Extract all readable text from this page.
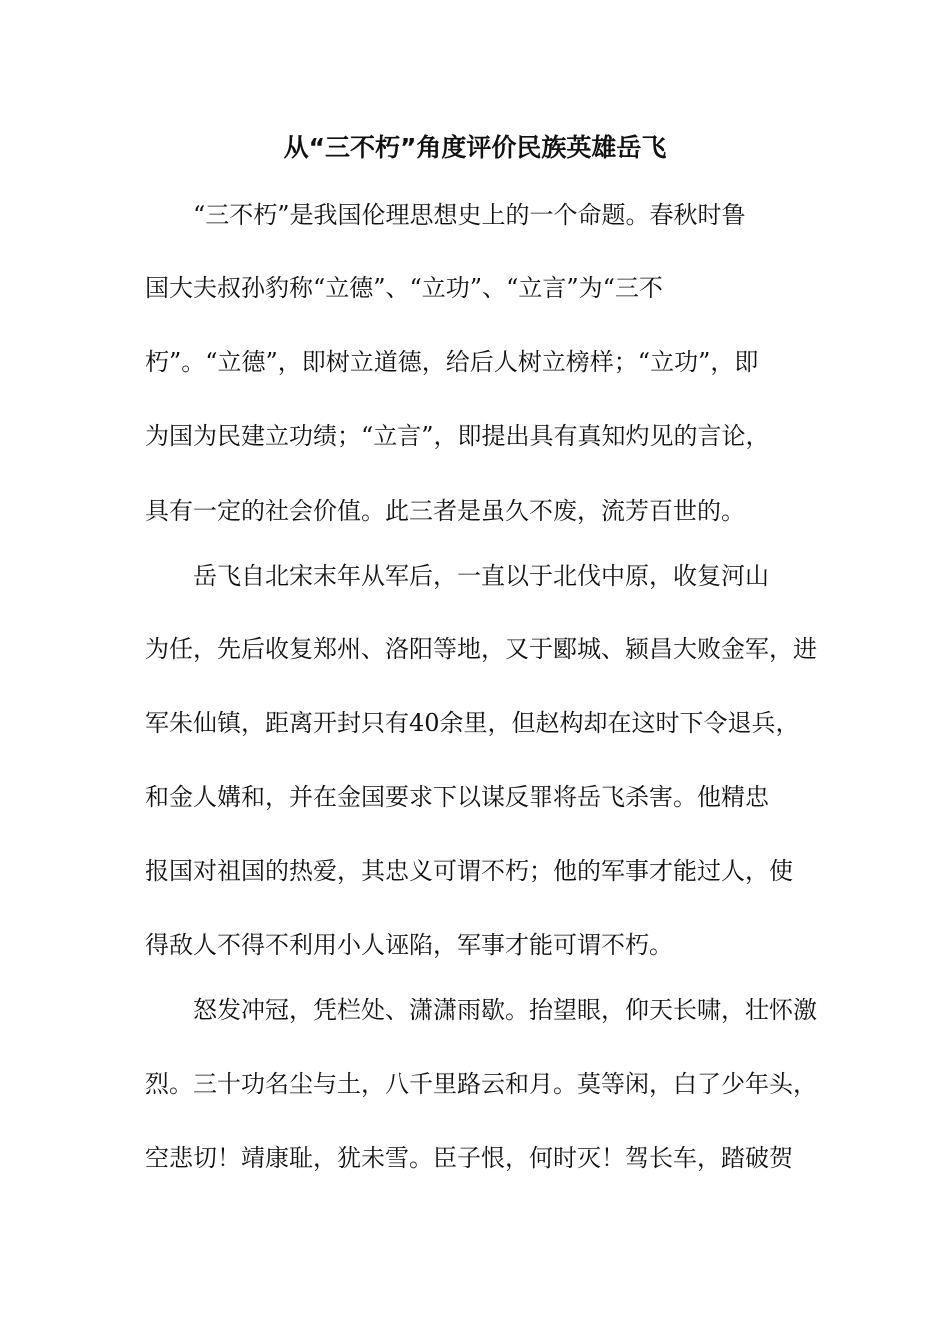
从“三不朽”角度评价民族英雄岳飞
　　“三不朽”是我国伦理思想史上的一个命题。春秋时鲁
国大夫叔孙豹称“立德”、“立功”、“立言”为“三不
朽”。“立德”，即树立道德，给后人树立榜样；“立功”，即
为国为民建立功绩；“立言”，即提出具有真知灼见的言论，
具有一定的社会价值。此三者是虽久不废，流芳百世的。
　　岳飞自北宋末年从军后，一直以于北伐中原，收复河山
为任，先后收复郑州、洛阳等地，又于郾城、颍昌大败金军，进
军朱仙镇，距离开封只有40余里，但赵构却在这时下令退兵，
和金人媾和，并在金国要求下以谋反罪将岳飞杀害。他精忠
报国对祖国的热爱，其忠义可谓不朽；他的军事才能过人，使
得敌人不得不利用小人诬陷，军事才能可谓不朽。
　　怒发冲冠，凭栏处、潇潇雨歇。抬望眼，仰天长啸，壮怀激
烈。三十功名尘与土，八千里路云和月。莫等闲，白了少年头，
空悲切！靖康耻，犹未雪。臣子恨，何时灭！驾长车，踏破贺
